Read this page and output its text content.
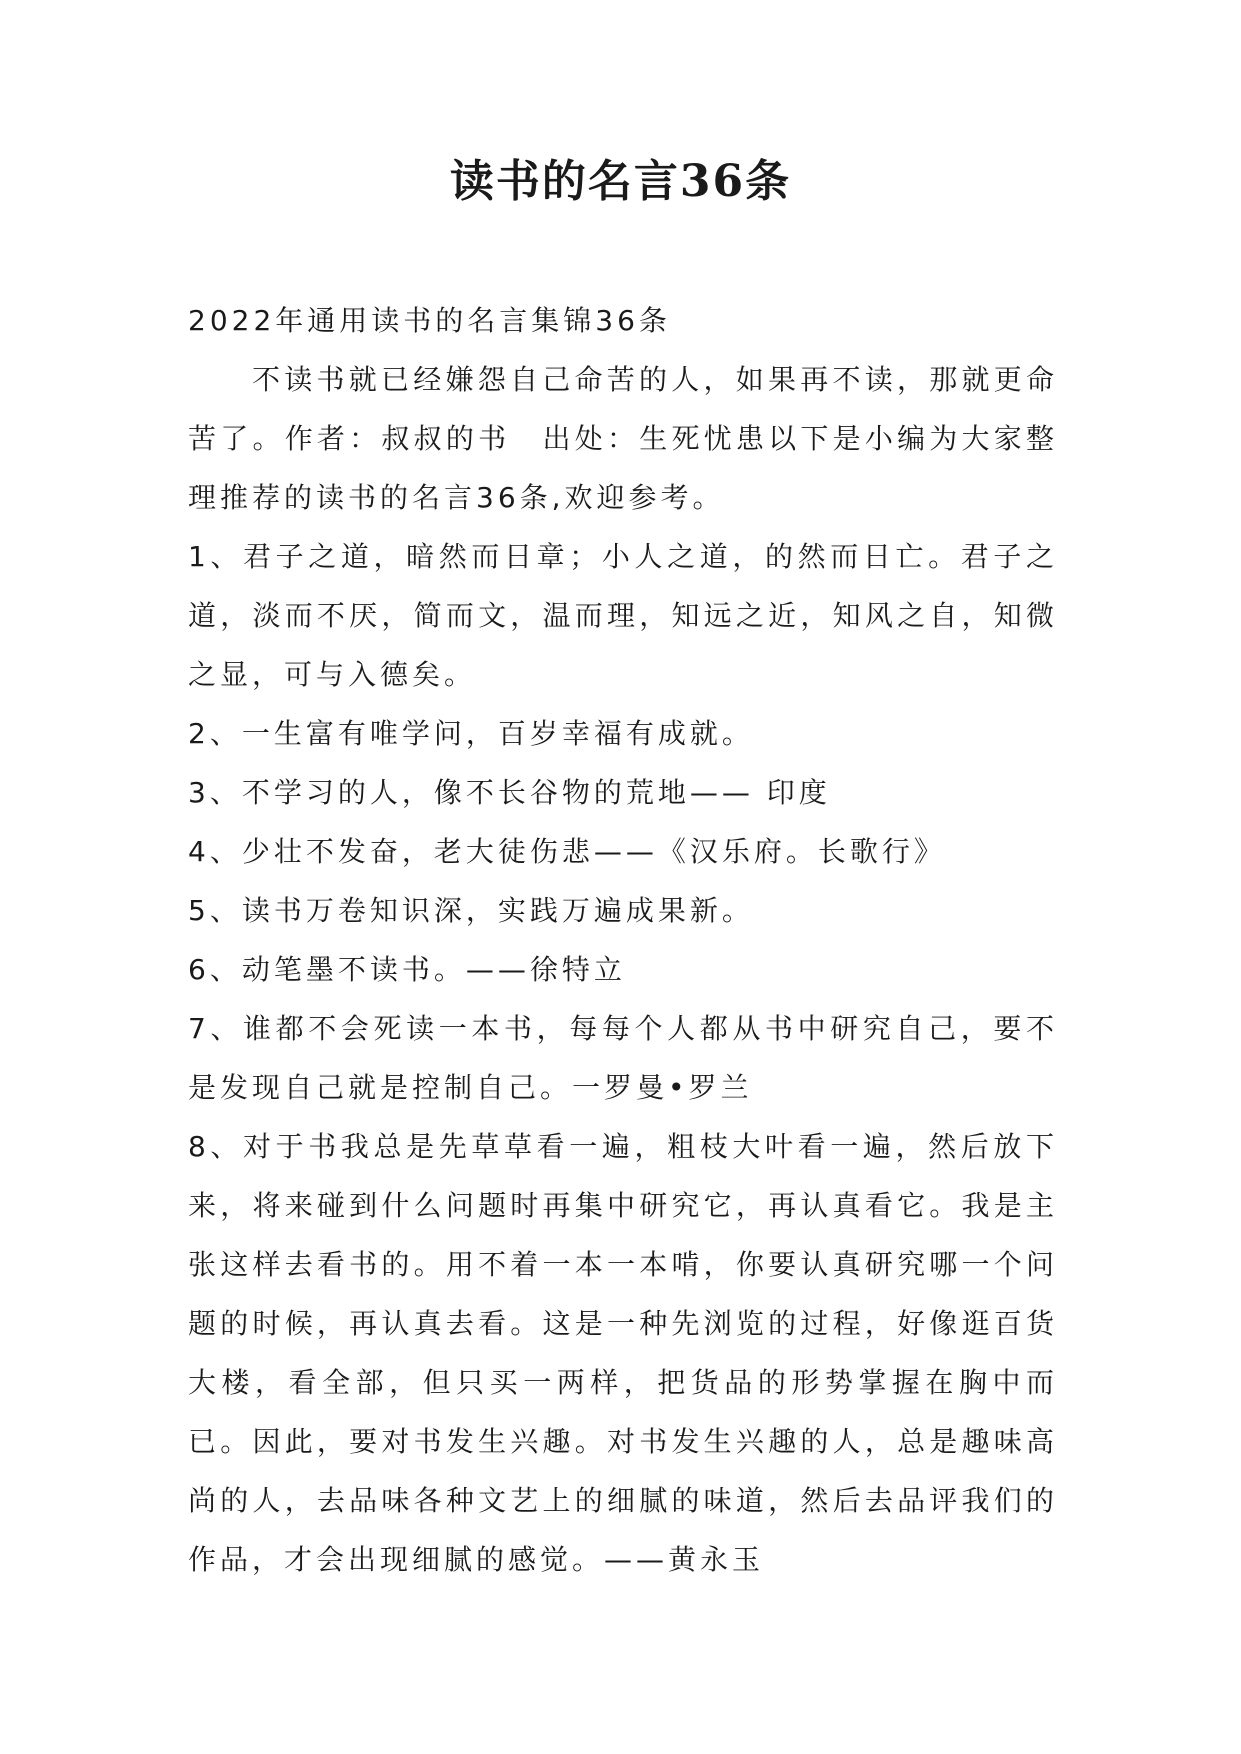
读书的名言36条

2022年通用读书的名言集锦36条

不读书就已经嫌怨自己命苦的人，如果再不读，那就更命苦了。作者：叔叔的书　出处：生死忧患以下是小编为大家整理推荐的读书的名言36条,欢迎参考。

1、君子之道，暗然而日章；小人之道，的然而日亡。君子之道，淡而不厌，简而文，温而理，知远之近，知风之自，知微之显，可与入德矣。
2、一生富有唯学问，百岁幸福有成就。
3、不学习的人，像不长谷物的荒地—— 印度
4、少壮不发奋，老大徒伤悲——《汉乐府。长歌行》
5、读书万卷知识深，实践万遍成果新。
6、动笔墨不读书。——徐特立
7、谁都不会死读一本书，每每个人都从书中研究自己，要不是发现自己就是控制自己。一罗曼•罗兰
8、对于书我总是先草草看一遍，粗枝大叶看一遍，然后放下来，将来碰到什么问题时再集中研究它，再认真看它。我是主张这样去看书的。用不着一本一本啃，你要认真研究哪一个问题的时候，再认真去看。这是一种先浏览的过程，好像逛百货大楼，看全部，但只买一两样，把货品的形势掌握在胸中而已。因此，要对书发生兴趣。对书发生兴趣的人，总是趣味高尚的人，去品味各种文艺上的细腻的味道，然后去品评我们的作品，才会出现细腻的感觉。——黄永玉
